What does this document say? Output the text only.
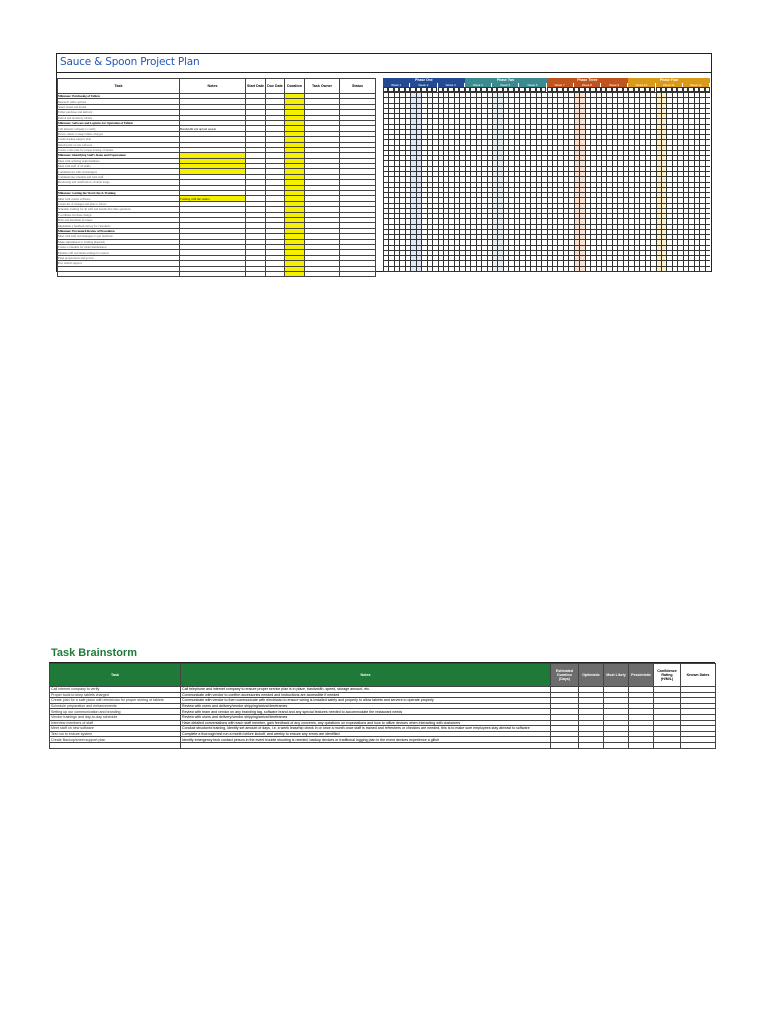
Sauce & Spoon Project Plan
Task	Notes	Start Date	Due Date	Duration	Task Owner	Status
Milestone: Purchasing of Tablets						
Research tablet options						
Select brand and model						
Tablet purchase and delivery						
Unbox and inventory tablets						
Milestone: Software and Logistics for Operation of Tablets						
Call internet company to verify	Bandwidth and upload speeds					
Power outlets to keep tablets charged						
Create backup support plan						
Install point of sale software						
Create a safe plan for proper storing of tablets						
Milestone: Identifying Staff's Roles and Expectations						
Meet with ordering team members						
Meet with staff of all shifts						
Communicate with all managers						
Communicate schedule and train staff						
Reviewing and clarification of tablet usage						

Milestone: Getting the Word Out & Training						
Meet with vendor software	Training with the vendor					
Create list of changes and plan to follow						
Schedule training for all staff and handle first time questions						
Coordinate brochure design						
Print and distribute brochure						
Implement a feedback survey for customers						
Milestone: Pre-launch Review of Procedures						
Meet with staff and managers to get feedback						
Make adjustments to training materials						
Create a schedule for tablet maintenance						
Finalize wifi and tablet settings for launch						
Final preparations and go live						
Post launch support						

Phase One
Week 1	Week 2	Week 3
Phase Two
Week 4	Week 5	Week 6
Phase Three
Week 7	Week 8	Week 9
Phase Four
Week 10	Week 11	Week 12
Task Brainstorm
Task	Notes	Estimated Duration (Days)	Optimistic	Most Likely	Pessimistic	Confidence Rating (H/M/L)	Known Dates
Call internet company to verify	Call telephone and internet company to ensure proper service plan is in place, bandwidth, speed, storage amount, etc.						
Proper tools to keep tablets charged	Communicate with vendor to confirm accessories needed and instructions are accessible if needed						
Create plan for a safe place with electrician for proper storing of tablets	Communicate with vendor to then communicate with electrician to ensure wiring is installed safely and properly to allow tablets and servers to operate properly						
Schedule preparation and enhancements	Review with users and delivery/vendor shipping/arrival timeframes						
Setting up our communication and branding	Review with team and vendor on any branding tag, software brand and any special features needed to accommodate the restaurant needs						
Vendor trainings and day-to-day schedule	Review with users and delivery/vendor shipping/arrival timeframes						
Interview members of staff	Have detailed conversations with each staff member, gain feedback of any concerns, any questions on expectations and how to utilize devices when interacting with customers						
Meet staff on new software	Conduct structured training, identify set amount of days, i.e. a week leasehip check in or once a month once staff is trained and refreshers or checkins are needed, this is to make sure employees stay abreast to software						
Test run to ensure system	Complete a thorough test run a month before kickoff, and weekly to ensure any errors are identified						
Create Backup/sheet support plan	Identify emergency tech contact person in the event trouble shooting is needed, backup devices or traditional logging plan in the event devices experience a glitch						
